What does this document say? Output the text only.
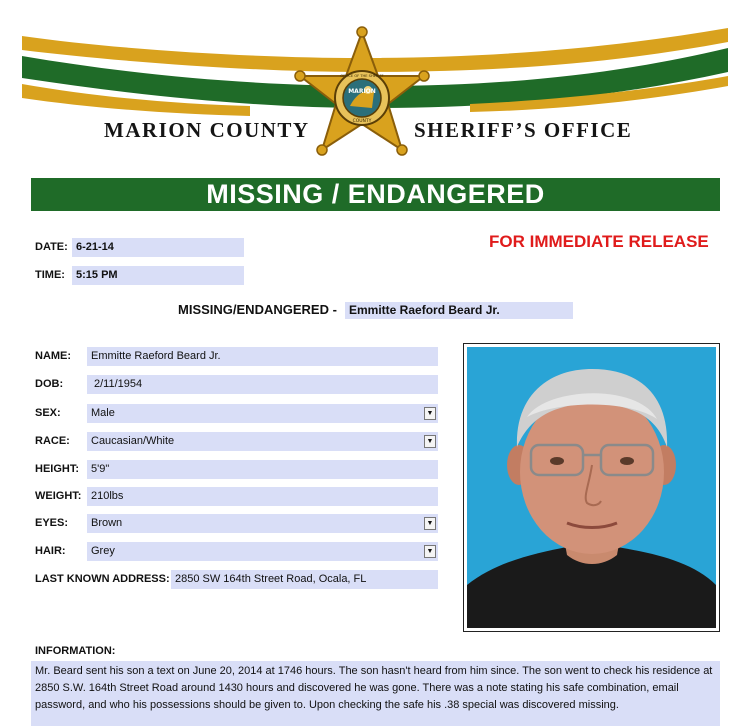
MARION
OFFICE OF THE SHERIFF
COUNTY
MARION COUNTY	SHERIFF’S OFFICE
MISSING / ENDANGERED
DATE: 6-21-14
TIME:	5:15 PM
FOR IMMEDIATE RELEASE
MISSING/ENDANGERED -	Emmitte Raeford Beard Jr.
NAME:	Emmitte Raeford Beard Jr.
DOB:	2/11/1954
SEX:	Male	▼
RACE:	Caucasian/White	▼
HEIGHT:	5'9"
WEIGHT: 210lbs
EYES:	Brown	▼
HAIR:	Grey	▼
LAST KNOWN ADDRESS: 2850 SW 164th Street Road, Ocala, FL
INFORMATION:
Mr. Beard sent his son a text on June 20, 2014 at 1746 hours. The son hasn't heard from him since. The son went to check his residence at 2850 S.W. 164th Street Road around 1430 hours and discovered he was gone. There was a note stating his safe combination, email password, and who his possessions should be given to. Upon checking the safe his .38 special was discovered missing.
